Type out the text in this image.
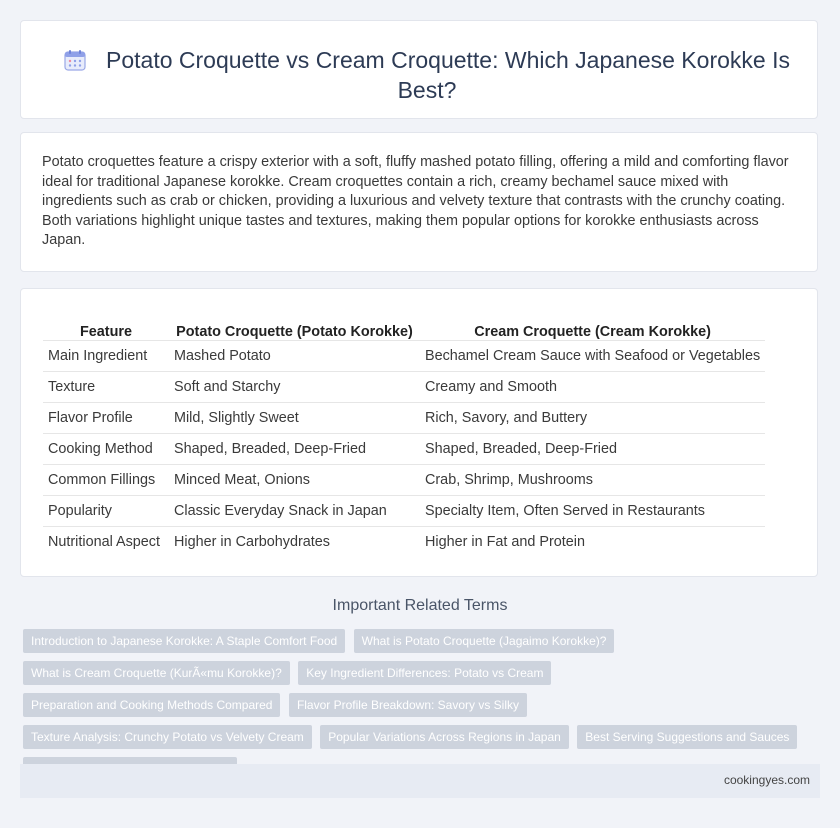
Potato Croquette vs Cream Croquette: Which Japanese Korokke Is Best?
Potato croquettes feature a crispy exterior with a soft, fluffy mashed potato filling, offering a mild and comforting flavor ideal for traditional Japanese korokke. Cream croquettes contain a rich, creamy bechamel sauce mixed with ingredients such as crab or chicken, providing a luxurious and velvety texture that contrasts with the crunchy coating. Both variations highlight unique tastes and textures, making them popular options for korokke enthusiasts across Japan.
Feature	Potato Croquette (Potato Korokke)	Cream Croquette (Cream Korokke)
Main Ingredient	Mashed Potato	Bechamel Cream Sauce with Seafood or Vegetables
Texture	Soft and Starchy	Creamy and Smooth
Flavor Profile	Mild, Slightly Sweet	Rich, Savory, and Buttery
Cooking Method	Shaped, Breaded, Deep-Fried	Shaped, Breaded, Deep-Fried
Common Fillings	Minced Meat, Onions	Crab, Shrimp, Mushrooms
Popularity	Classic Everyday Snack in Japan	Specialty Item, Often Served in Restaurants
Nutritional Aspect	Higher in Carbohydrates	Higher in Fat and Protein
Important Related Terms
Introduction to Japanese Korokke: A Staple Comfort Food What is Potato Croquette (Jagaimo Korokke)? What is Cream Croquette (KurÃ«mu Korokke)? Key Ingredient Differences: Potato vs Cream Preparation and Cooking Methods Compared Flavor Profile Breakdown: Savory vs Silky Texture Analysis: Crunchy Potato vs Velvety Cream Popular Variations Across Regions in Japan Best Serving Suggestions and Sauces
cookingyes.com
